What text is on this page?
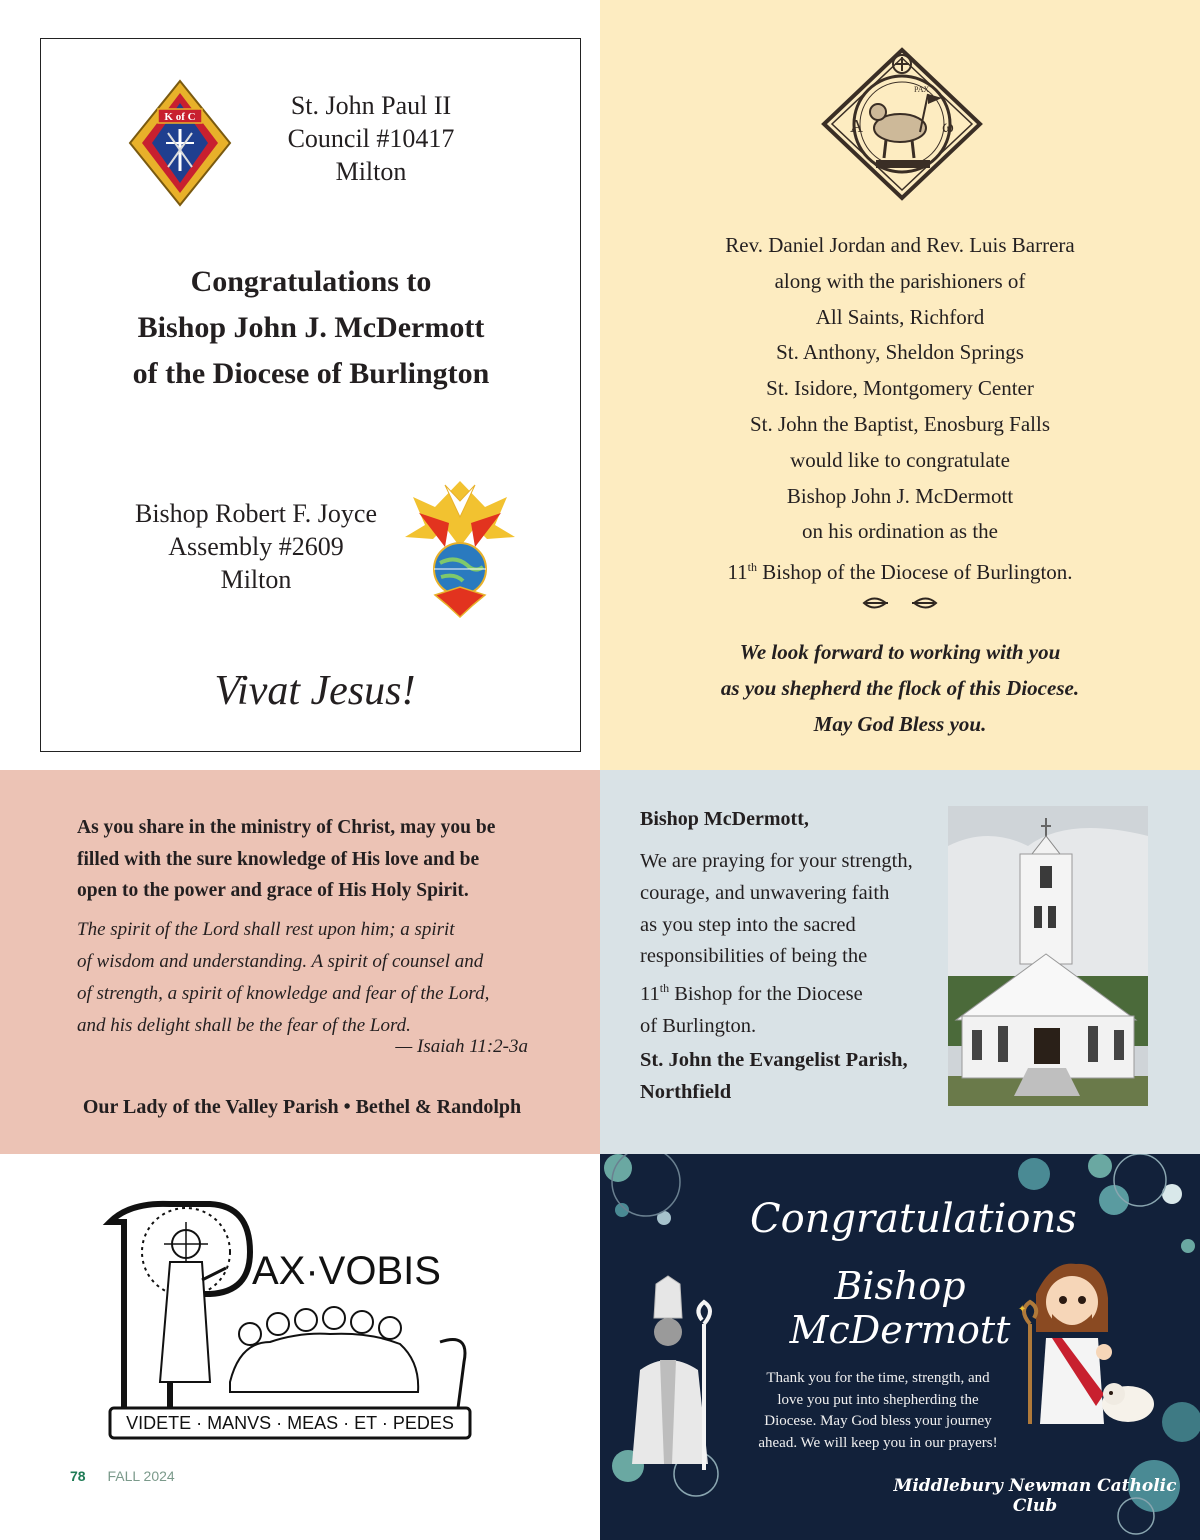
K of C	St. John Paul II
Council #10417
Milton
Congratulations to
Bishop John J. McDermott
of the Diocese of Burlington
Bishop Robert F. Joyce
Assembly #2609
Milton
Vivat Jesus!
A	ω
PAX
Rev. Daniel Jordan and Rev. Luis Barrera
along with the parishioners of
All Saints, Richford
St. Anthony, Sheldon Springs
St. Isidore, Montgomery Center
St. John the Baptist, Enosburg Falls
would like to congratulate
Bishop John J. McDermott
on his ordination as the
11th Bishop of the Diocese of Burlington.
We look forward to working with you
as you shepherd the flock of this Diocese.
May God Bless you.
As you share in the ministry of Christ, may you be
filled with the sure knowledge of His love and be
open to the power and grace of His Holy Spirit.
The spirit of the Lord shall rest upon him; a spirit
of wisdom and understanding. A spirit of counsel and
of strength, a spirit of knowledge and fear of the Lord,
and his delight shall be the fear of the Lord.
— Isaiah 11:2-3a
Our Lady of the Valley Parish • Bethel & Randolph
Bishop McDermott,
We are praying for your strength,
courage, and unwavering faith
as you step into the sacred
responsibilities of being the
11th Bishop for the Diocese
of Burlington.
St. John the Evangelist Parish,
Northfield
AX·VOBIS
VIDETE · MANVS · MEAS · ET · PEDES
78 FALL 2024
Congratulations
Bishop McDermott
Thank you for the time, strength, and
love you put into shepherding the
Diocese. May God bless your journey
ahead. We will keep you in our prayers!
✦
Middlebury Newman Catholic Club
